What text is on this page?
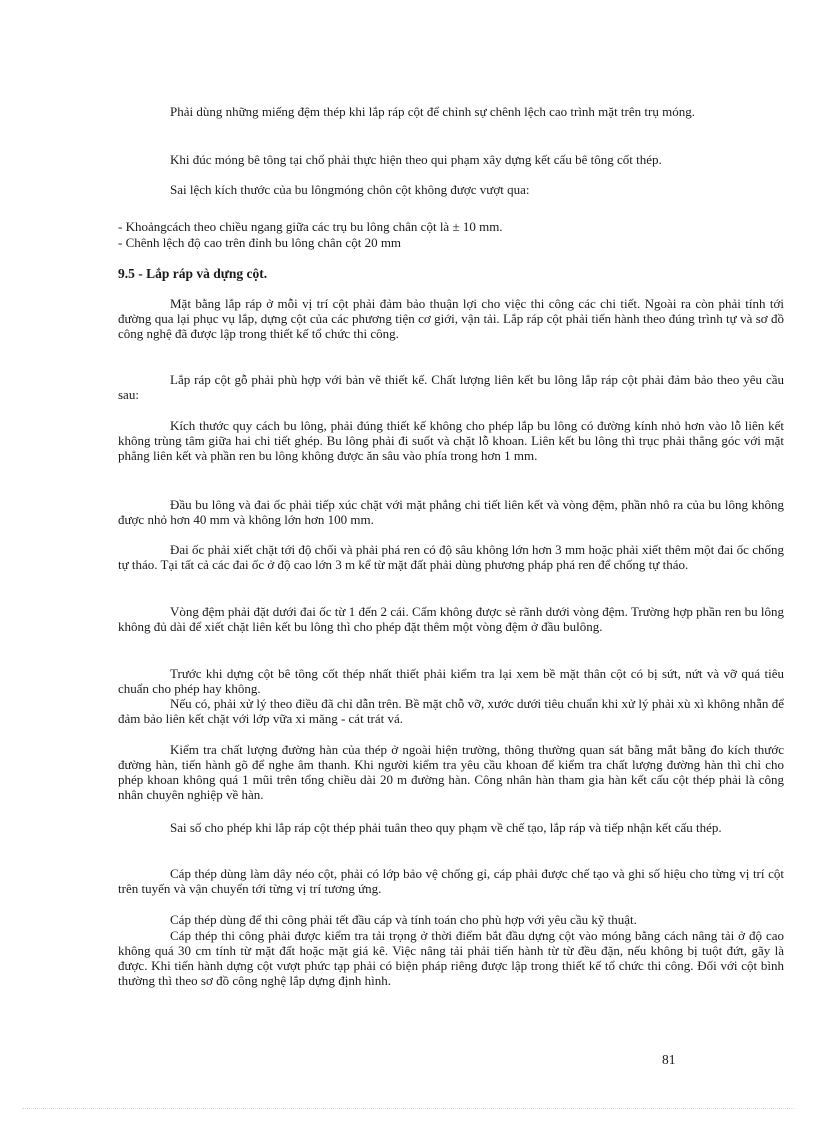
Phải dùng những miếng đệm thép khi lắp ráp cột để chỉnh sự chênh lệch cao trình mặt trên trụ móng.

Khi đúc móng bê tông tại chổ phải thực hiện theo qui phạm xây dựng kết cấu bê tông cốt thép.

Sai lệch kích thước của bu lôngmóng chôn cột không được vượt qua:

- Khoảngcách theo chiều ngang giữa các trụ bu lông chân cột là ± 10 mm.

- Chênh lệch độ cao trên đỉnh bu lông chân cột 20 mm

9.5 - Lắp ráp và dựng cột.

Mặt bằng lắp ráp ở mỗi vị trí cột phải đảm bảo thuận lợi cho việc thi công các chi tiết. Ngoài ra còn phải tính tới đường qua lại phục vụ lắp, dựng cột của các phương tiện cơ giới, vận tải. Lắp ráp cột phải tiến hành theo đúng trình tự và sơ đồ công nghệ đã được lập trong thiết kế tổ chức thi công.

Lắp ráp cột gỗ phải phù hợp với bản vẽ thiết kế. Chất lượng liên kết bu lông lắp ráp cột phải đảm bảo theo yêu cầu sau:

Kích thước quy cách bu lông, phải đúng thiết kế không cho phép lắp bu lông có đường kính nhỏ hơn vào lỗ liên kết không trùng tâm giữa hai chi tiết ghép. Bu lông phải đi suốt và chặt lỗ khoan. Liên kết bu lông thì trục phải thẳng góc với mặt phẳng liên kết và phần ren bu lông không được ăn sâu vào phía trong hơn 1 mm.

Đầu bu lông và đai ốc phải tiếp xúc chặt với mặt phẳng chi tiết liên kết và vòng đệm, phần nhô ra của bu lông không được nhỏ hơn 40 mm và không lớn hơn 100 mm.

Đai ốc phải xiết chặt tới độ chối và phải phá ren có độ sâu không lớn hơn 3 mm hoặc phải xiết thêm một đai ốc chống tự tháo. Tại tất cả các đai ốc ở độ cao lớn 3 m kể từ mặt đất phải dùng phương pháp phá ren để chống tự tháo.

Vòng đệm phải đặt dưới đai ốc từ 1 đến 2 cái. Cấm không được sẻ rãnh dưới vòng đệm. Trường hợp phần ren bu lông không đủ dài để xiết chặt liên kết bu lông thì cho phép đặt thêm một vòng đệm ở đầu bulông.

Trước khi dựng cột bê tông cốt thép nhất thiết phải kiểm tra lại xem bề mặt thân cột có bị sứt, nứt và vỡ quá tiêu chuẩn cho phép hay không.

Nếu có, phải xử lý theo điều đã chỉ dẫn trên. Bề mặt chỗ vỡ, xước dưới tiêu chuẩn khi xử lý phải xù xì không nhẵn để đảm bảo liên kết chặt với lớp vữa xi măng - cát trát vá.

Kiểm tra chất lượng đường hàn của thép ở ngoài hiện trường, thông thường quan sát bằng mắt bằng đo kích thước đường hàn, tiến hành gõ để nghe âm thanh. Khi người kiểm tra yêu cầu khoan để kiểm tra chất lượng đường hàn thì chỉ cho phép khoan không quá 1 mũi trên tổng chiều dài 20 m đường hàn. Công nhân hàn tham gia hàn kết cấu cột thép phải là công nhân chuyên nghiệp về hàn.

Sai số cho phép khi lắp ráp cột thép phải tuân theo quy phạm về chế tạo, lắp ráp và tiếp nhận kết cấu thép.

Cáp thép dùng làm dây néo cột, phải có lớp bảo vệ chống gỉ, cáp phải được chế tạo và ghi số hiệu cho từng vị trí cột trên tuyến và vận chuyển tới từng vị trí tương ứng.

Cáp thép dùng để thi công phải tết đầu cáp và tính toán cho phù hợp với yêu cầu kỹ thuật.

Cáp thép thi công phải được kiểm tra tải trọng ở thời điểm bắt đầu dựng cột vào móng bằng cách nâng tải ở độ cao không quá 30 cm tính từ mặt đất hoặc mặt giá kê. Việc nâng tải phải tiến hành từ từ đều đặn, nếu không bị tuột đứt, gãy là được. Khi tiến hành dựng cột vượt phức tạp phải có biện pháp riêng được lập trong thiết kế tổ chức thi công. Đối với cột bình thường thì theo sơ đồ công nghệ lắp dựng định hình.

81
